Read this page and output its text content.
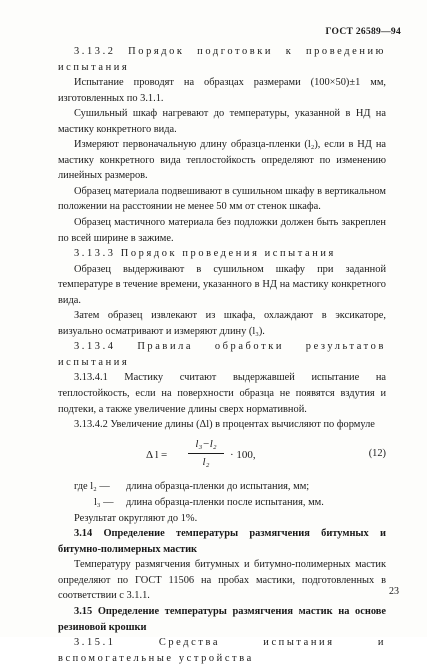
ГОСТ 26589—94

3.13.2 Порядок подготовки к проведению испытания

Испытание проводят на образцах размерами (100×50)±1 мм, изготовленных по 3.1.1.

Сушильный шкаф нагревают до температуры, указанной в НД на мастику конкретного вида.

Измеряют первоначальную длину образца-пленки (l₂), если в НД на мастику конкретного вида теплостойкость определяют по изменению линейных размеров.

Образец материала подвешивают в сушильном шкафу в вертикальном положении на расстоянии не менее 50 мм от стенок шкафа.

Образец мастичного материала без подложки должен быть закреплен по всей ширине в зажиме.

3.13.3 Порядок проведения испытания

Образец выдерживают в сушильном шкафу при заданной температуре в течение времени, указанного в НД на мастику конкретного вида.

Затем образец извлекают из шкафа, охлаждают в эксикаторе, визуально осматривают и измеряют длину (l₃).

3.13.4 Правила обработки результатов испытания

3.13.4.1 Мастику считают выдержавшей испытание на теплостойкость, если на поверхности образца не появятся вздутия и подтеки, а также увеличение длины сверх нормативной.

3.13.4.2 Увеличение длины (Δl) в процентах вычисляют по формуле

Δ $l = \frac{\text{l₃−l₂}}{\text{l₂}} \cdot 100$,	(12)
где l₂ — длина образца-пленки до испытания, мм;
l₃ — длина образца-пленки после испытания, мм.

Результат округляют до 1%.

3.14 Определение температуры размягчения битумных и битумно-полимерных мастик

Температуру размягчения битумных и битумно-полимерных мастик определяют по ГОСТ 11506 на пробах мастики, подготовленных в соответствии с 3.1.1.

3.15 Определение температуры размягчения мастик на основе резиновой крошки

3.15.1 Средства испытания и вспомогательные устройства

23
